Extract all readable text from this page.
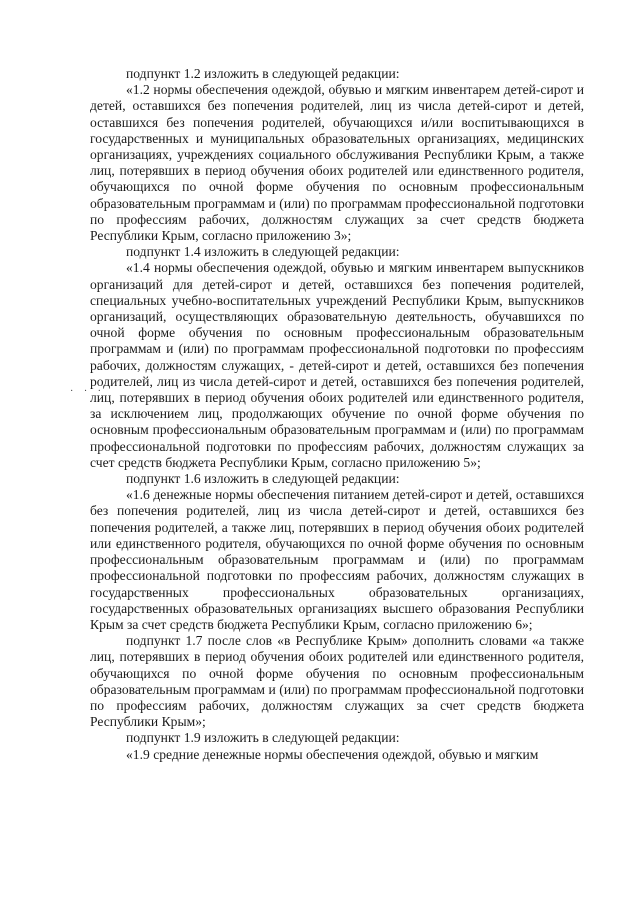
· · ·

подпункт 1.2 изложить в следующей редакции:

«1.2 нормы обеспечения одеждой, обувью и мягким инвентарем детей-сирот и детей, оставшихся без попечения родителей, лиц из числа детей-сирот и детей, оставшихся без попечения родителей, обучающихся и/или воспитывающихся в государственных и муниципальных образовательных организациях, медицинских организациях, учреждениях социального обслуживания Республики Крым, а также лиц, потерявших в период обучения обоих родителей или единственного родителя, обучающихся по очной форме обучения по основным профессиональным образовательным программам и (или) по программам профессиональной подготовки по профессиям рабочих, должностям служащих за счет средств бюджета Республики Крым, согласно приложению 3»;

подпункт 1.4 изложить в следующей редакции:

«1.4 нормы обеспечения одеждой, обувью и мягким инвентарем выпускников организаций для детей-сирот и детей, оставшихся без попечения родителей, специальных учебно-воспитательных учреждений Республики Крым, выпускников организаций, осуществляющих образовательную деятельность, обучавшихся по очной форме обучения по основным профессиональным образовательным программам и (или) по программам профессиональной подготовки по профессиям рабочих, должностям служащих, - детей-сирот и детей, оставшихся без попечения родителей, лиц из числа детей-сирот и детей, оставшихся без попечения родителей, лиц, потерявших в период обучения обоих родителей или единственного родителя, за исключением лиц, продолжающих обучение по очной форме обучения по основным профессиональным образовательным программам и (или) по программам профессиональной подготовки по профессиям рабочих, должностям служащих за счет средств бюджета Республики Крым, согласно приложению 5»;

подпункт 1.6 изложить в следующей редакции:

«1.6 денежные нормы обеспечения питанием детей-сирот и детей, оставшихся без попечения родителей, лиц из числа детей-сирот и детей, оставшихся без попечения родителей, а также лиц, потерявших в период обучения обоих родителей или единственного родителя, обучающихся по очной форме обучения по основным профессиональным образовательным программам и (или) по программам профессиональной подготовки по профессиям рабочих, должностям служащих в государственных профессиональных образовательных организациях, государственных образовательных организациях высшего образования Республики Крым за счет средств бюджета Республики Крым, согласно приложению 6»;

подпункт 1.7 после слов «в Республике Крым» дополнить словами «а также лиц, потерявших в период обучения обоих родителей или единственного родителя, обучающихся по очной форме обучения по основным профессиональным образовательным программам и (или) по программам профессиональной подготовки по профессиям рабочих, должностям служащих за счет средств бюджета Республики Крым»;

подпункт 1.9 изложить в следующей редакции:

«1.9 средние денежные нормы обеспечения одеждой, обувью и мягким
